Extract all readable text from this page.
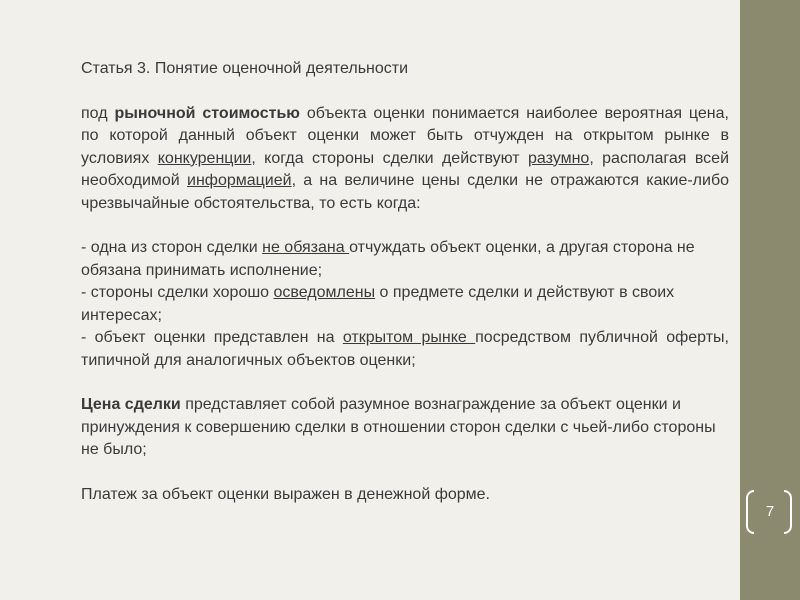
Статья 3. Понятие оценочной деятельности

под рыночной стоимостью объекта оценки понимается наиболее вероятная цена, по которой данный объект оценки может быть отчужден на открытом рынке в условиях конкуренции, когда стороны сделки действуют разумно, располагая всей необходимой информацией, а на величине цены сделки не отражаются какие-либо чрезвычайные обстоятельства, то есть когда:

- одна из сторон сделки не обязана отчуждать объект оценки, а другая сторона не обязана принимать исполнение;

- стороны сделки хорошо осведомлены о предмете сделки и действуют в своих интересах;

- объект оценки представлен на открытом рынке посредством публичной оферты, типичной для аналогичных объектов оценки;

Цена сделки представляет собой разумное вознаграждение за объект оценки и принуждения к совершению сделки в отношении сторон сделки с чьей-либо стороны не было;

Платеж за объект оценки выражен в денежной форме.

7
